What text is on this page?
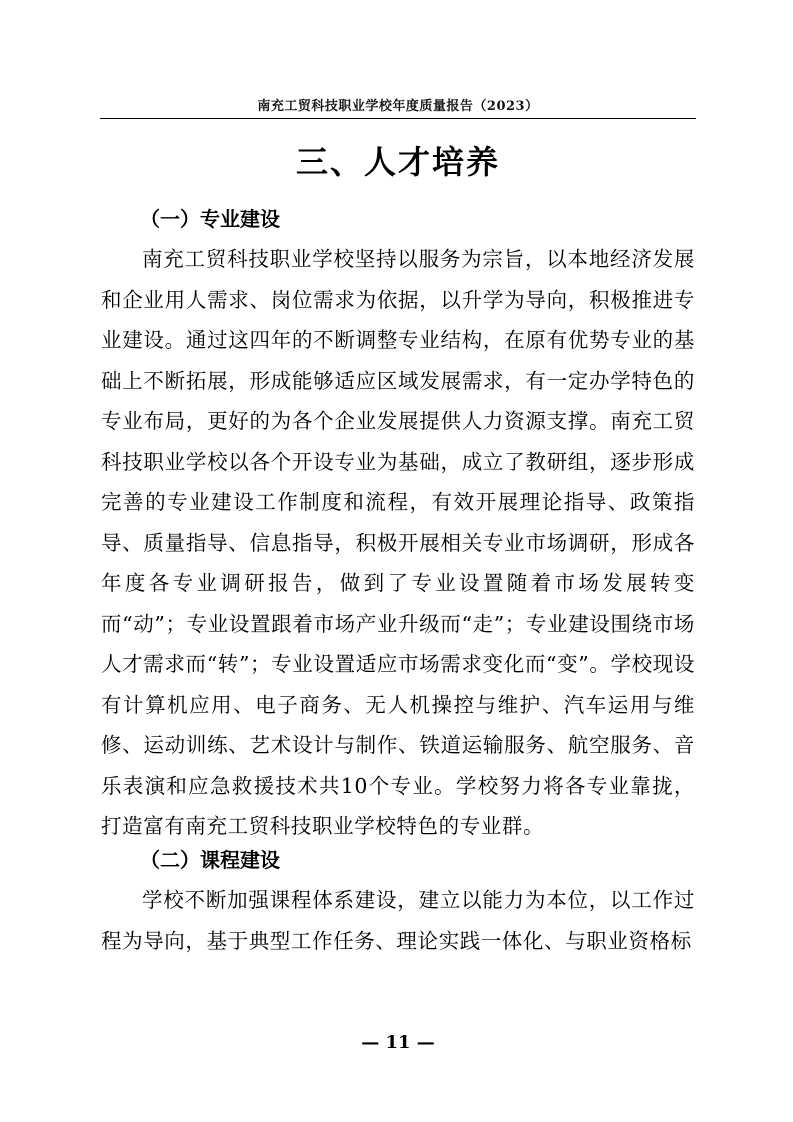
南充工贸科技职业学校年度质量报告（2023）
三、人才培养
（一）专业建设

南充工贸科技职业学校坚持以服务为宗旨，以本地经济发展和企业用人需求、岗位需求为依据，以升学为导向，积极推进专业建设。通过这四年的不断调整专业结构，在原有优势专业的基础上不断拓展，形成能够适应区域发展需求，有一定办学特色的专业布局，更好的为各个企业发展提供人力资源支撑。南充工贸科技职业学校以各个开设专业为基础，成立了教研组，逐步形成完善的专业建设工作制度和流程，有效开展理论指导、政策指导、质量指导、信息指导，积极开展相关专业市场调研，形成各年度各专业调研报告，做到了专业设置随着市场发展转变而“动”；专业设置跟着市场产业升级而“走”；专业建设围绕市场人才需求而“转”；专业设置适应市场需求变化而“变”。学校现设有计算机应用、电子商务、无人机操控与维护、汽车运用与维修、运动训练、艺术设计与制作、铁道运输服务、航空服务、音乐表演和应急救援技术共10个专业。学校努力将各专业靠拢，打造富有南充工贸科技职业学校特色的专业群。

（二）课程建设

学校不断加强课程体系建设，建立以能力为本位，以工作过程为导向，基于典型工作任务、理论实践一体化、与职业资格标

— 11 —
